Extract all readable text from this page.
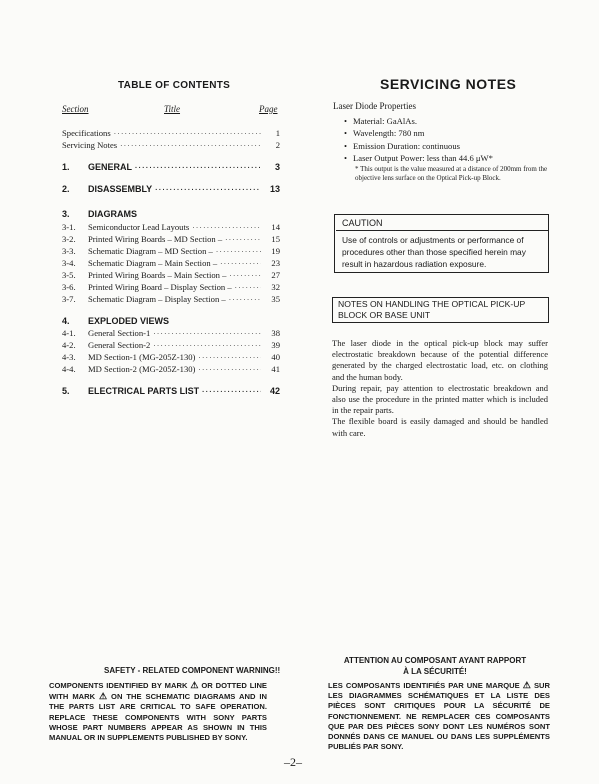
TABLE OF CONTENTS
Section	Title	Page
Specifications ·····	1
Servicing Notes ·····	2
1.	GENERAL ·····	3
2.	DISASSEMBLY ·····	13
3.	DIAGRAMS
3-1.	Semiconductor Lead Layouts ·····	14
3-2.	Printed Wiring Boards – MD Section – ·····	15
3-3.	Schematic Diagram – MD Section – ·····	19
3-4.	Schematic Diagram – Main Section – ·····	23
3-5.	Printed Wiring Boards – Main Section – ·····	27
3-6.	Printed Wiring Board – Display Section – ·····	32
3-7.	Schematic Diagram – Display Section – ·····	35
4.	EXPLODED VIEWS
4-1.	General Section-1 ·····	38
4-2.	General Section-2 ·····	39
4-3.	MD Section-1 (MG-205Z-130) ·····	40
4-4.	MD Section-2 (MG-205Z-130) ·····	41
5.	ELECTRICAL PARTS LIST ·····	42
SERVICING NOTES
Laser Diode Properties
• Material: GaAlAs.
• Wavelength: 780 nm
• Emission Duration: continuous
• Laser Output Power: less than 44.6 μW*
* This output is the value measured at a distance of 200mm from the objective lens surface on the Optical Pick-up Block.
CAUTION
Use of controls or adjustments or performance of procedures other than those specified herein may result in hazardous radiation exposure.
NOTES ON HANDLING THE OPTICAL PICK-UP BLOCK OR BASE UNIT
The laser diode in the optical pick-up block may suffer electrostatic breakdown because of the potential difference generated by the charged electrostatic load, etc. on clothing and the human body.
During repair, pay attention to electrostatic breakdown and also use the procedure in the printed matter which is included in the repair parts.
The flexible board is easily damaged and should be handled with care.
SAFETY - RELATED COMPONENT WARNING!!
COMPONENTS IDENTIFIED BY MARK ⚠ OR DOTTED LINE WITH MARK ⚠ ON THE SCHEMATIC DIAGRAMS AND IN THE PARTS LIST ARE CRITICAL TO SAFE OPERATION. REPLACE THESE COMPONENTS WITH SONY PARTS WHOSE PART NUMBERS APPEAR AS SHOWN IN THIS MANUAL OR IN SUPPLEMENTS PUBLISHED BY SONY.
ATTENTION AU COMPOSANT AYANT RAPPORT
À LA SÉCURITÉ!
LES COMPOSANTS IDENTIFIÉS PAR UNE MARQUE ⚠ SUR LES DIAGRAMMES SCHÉMATIQUES ET LA LISTE DES PIÈCES SONT CRITIQUES POUR LA SÉCURITÉ DE FONCTIONNEMENT. NE REMPLACER CES COMPOSANTS QUE PAR DES PIÈCES SONY DONT LES NUMÉROS SONT DONNÉS DANS CE MANUEL OU DANS LES SUPPLÉMENTS PUBLIÉS PAR SONY.
–2–
